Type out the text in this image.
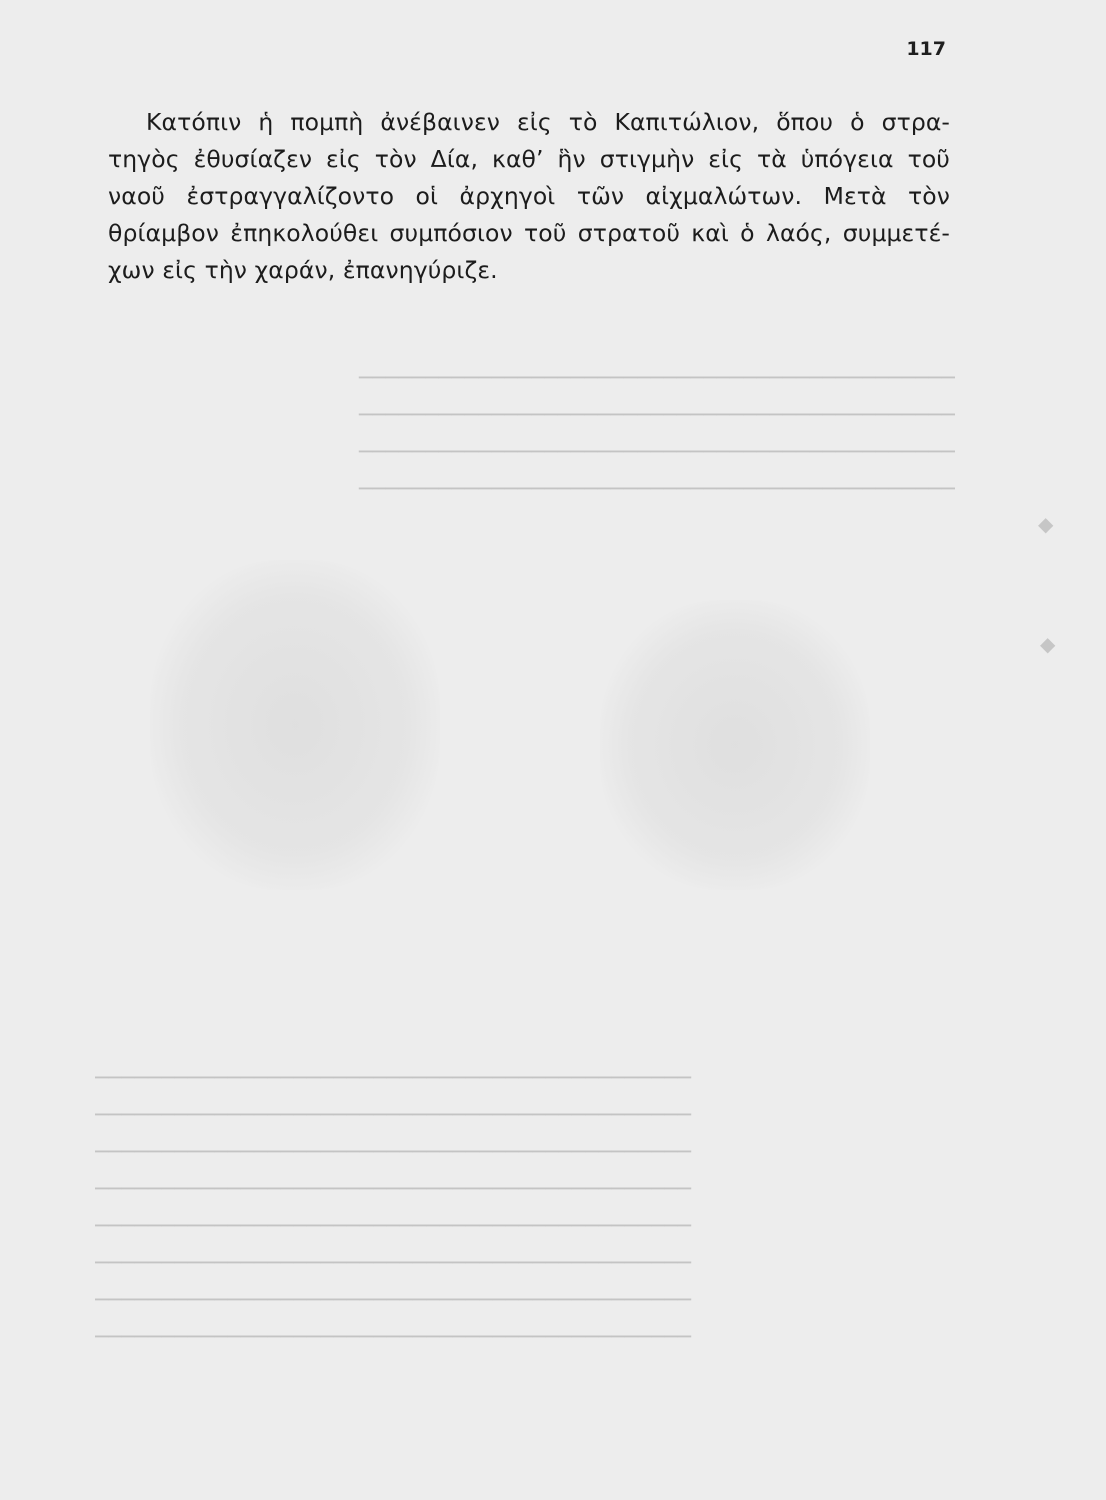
─────────────────────────────────────────────
─────────────────────────────────────────────
─────────────────────────────────────────────
─────────────────────────────────────────────
─────────────────────────────────────────────
─────────────────────────────────────────────
─────────────────────────────────────────────
─────────────────────────────────────────────
─────────────────────────────────────────────
─────────────────────────────────────────────
─────────────────────────────────────────────
─────────────────────────────────────────────
◆
◆
117
Κατόπιν ἡ πομπὴ ἀνέβαινεν εἰς τὸ Καπιτώλιον, ὅπου ὁ στρα-
τηγὸς ἐθυσίαζεν εἰς τὸν Δία, καθ’ ἣν στιγμὴν εἰς τὰ ὑπόγεια τοῦ
ναοῦ ἐστραγγαλίζοντο οἱ ἀρχηγοὶ τῶν αἰχμαλώτων. Μετὰ τὸν
θρίαμβον ἐπηκολούθει συμπόσιον τοῦ στρατοῦ καὶ ὁ λαός, συμμετέ-
χων εἰς τὴν χαράν, ἐπανηγύριζε.
